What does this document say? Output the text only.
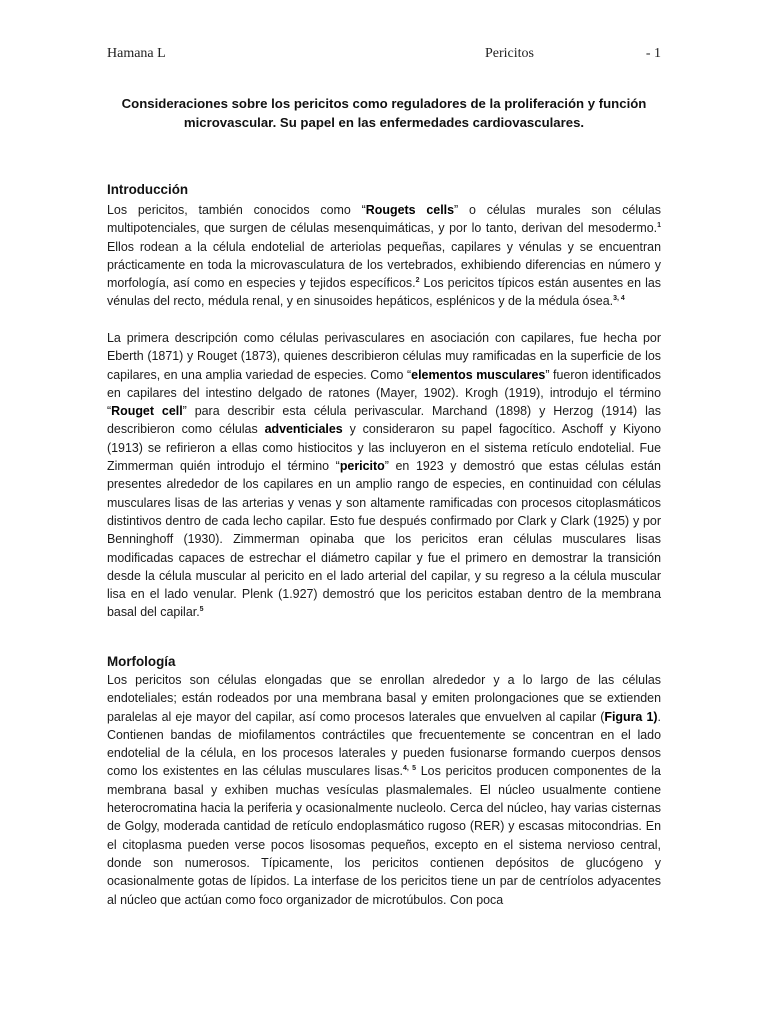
Hamana L	Pericitos	- 1
Consideraciones sobre los pericitos como reguladores de la proliferación y función
microvascular. Su papel en las enfermedades cardiovasculares.
Introducción

Los pericitos, también conocidos como “Rougets cells” o células murales son células multipotenciales, que surgen de células mesenquimáticas, y por lo tanto, derivan del mesodermo.$^1$ Ellos rodean a la célula endotelial de arteriolas pequeñas, capilares y vénulas y se encuentran prácticamente en toda la microvasculatura de los vertebrados, exhibiendo diferencias en número y morfología, así como en especies y tejidos específicos.$^2$ Los pericitos típicos están ausentes en las vénulas del recto, médula renal, y en sinusoides hepáticos, esplénicos y de la médula ósea.$^{3, 4}$

La primera descripción como células perivasculares en asociación con capilares, fue hecha por Eberth (1871) y Rouget (1873), quienes describieron células muy ramificadas en la superficie de los capilares, en una amplia variedad de especies. Como “elementos musculares” fueron identificados en capilares del intestino delgado de ratones (Mayer, 1902). Krogh (1919), introdujo el término “Rouget cell” para describir esta célula perivascular. Marchand (1898) y Herzog (1914) las describieron como células adventiciales y consideraron su papel fagocítico. Aschoff y Kiyono (1913) se refirieron a ellas como histiocitos y las incluyeron en el sistema retículo endotelial. Fue Zimmerman quién introdujo el término “pericito” en 1923 y demostró que estas células están presentes alrededor de los capilares en un amplio rango de especies, en continuidad con células musculares lisas de las arterias y venas y son altamente ramificadas con procesos citoplasmáticos distintivos dentro de cada lecho capilar. Esto fue después confirmado por Clark y Clark (1925) y por Benninghoff (1930). Zimmerman opinaba que los pericitos eran células musculares lisas modificadas capaces de estrechar el diámetro capilar y fue el primero en demostrar la transición desde la célula muscular al pericito en el lado arterial del capilar, y su regreso a la célula muscular lisa en el lado venular. Plenk (1.927) demostró que los pericitos estaban dentro de la membrana basal del capilar.$^5$

Morfología

Los pericitos son células elongadas que se enrollan alrededor y a lo largo de las células endoteliales; están rodeados por una membrana basal y emiten prolongaciones que se extienden paralelas al eje mayor del capilar, así como procesos laterales que envuelven al capilar (Figura 1). Contienen bandas de miofilamentos contráctiles que frecuentemente se concentran en el lado endotelial de la célula, en los procesos laterales y pueden fusionarse formando cuerpos densos como los existentes en las células musculares lisas.$^{4, 5}$ Los pericitos producen componentes de la membrana basal y exhiben muchas vesículas plasmalemales. El núcleo usualmente contiene heterocromatina hacia la periferia y ocasionalmente nucleolo. Cerca del núcleo, hay varias cisternas de Golgy, moderada cantidad de retículo endoplasmático rugoso (RER) y escasas mitocondrias. En el citoplasma pueden verse pocos lisosomas pequeños, excepto en el sistema nervioso central, donde son numerosos. Típicamente, los pericitos contienen depósitos de glucógeno y ocasionalmente gotas de lípidos. La interfase de los pericitos tiene un par de centríolos adyacentes al núcleo que actúan como foco organizador de microtúbulos. Con poca
